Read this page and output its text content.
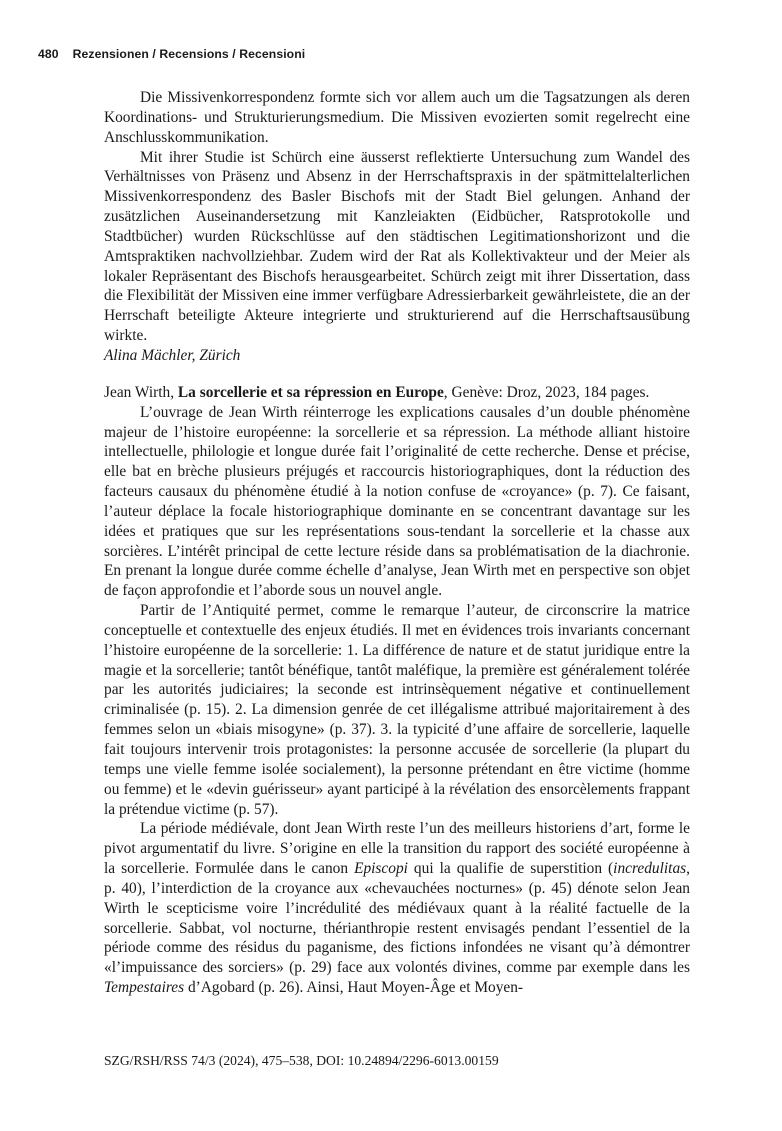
480 Rezensionen / Recensions / Recensioni

Die Missivenkorrespondenz formte sich vor allem auch um die Tagsatzungen als deren Koordinations- und Strukturierungsmedium. Die Missiven evozierten somit regelrecht eine Anschlusskommunikation.

Mit ihrer Studie ist Schürch eine äusserst reflektierte Untersuchung zum Wandel des Verhältnisses von Präsenz und Absenz in der Herrschaftspraxis in der spätmittelalterlichen Missivenkorrespondenz des Basler Bischofs mit der Stadt Biel gelungen. Anhand der zusätzlichen Auseinandersetzung mit Kanzleiakten (Eidbücher, Ratsprotokolle und Stadtbücher) wurden Rückschlüsse auf den städtischen Legitimationshorizont und die Amtspraktiken nachvollziehbar. Zudem wird der Rat als Kollektivakteur und der Meier als lokaler Repräsentant des Bischofs herausgearbeitet. Schürch zeigt mit ihrer Dissertation, dass die Flexibilität der Missiven eine immer verfügbare Adressierbarkeit gewährleistete, die an der Herrschaft beteiligte Akteure integrierte und strukturierend auf die Herrschaftsausübung wirkte.

Alina Mächler, Zürich

Jean Wirth, La sorcellerie et sa répression en Europe, Genève: Droz, 2023, 184 pages.

L’ouvrage de Jean Wirth réinterroge les explications causales d’un double phénomène majeur de l’histoire européenne: la sorcellerie et sa répression. La méthode alliant histoire intellectuelle, philologie et longue durée fait l’originalité de cette recherche. Dense et précise, elle bat en brèche plusieurs préjugés et raccourcis historiographiques, dont la réduction des facteurs causaux du phénomène étudié à la notion confuse de «croyance» (p. 7). Ce faisant, l’auteur déplace la focale historiographique dominante en se concentrant davantage sur les idées et pratiques que sur les représentations sous-tendant la sorcellerie et la chasse aux sorcières. L’intérêt principal de cette lecture réside dans sa problématisation de la diachronie. En prenant la longue durée comme échelle d’analyse, Jean Wirth met en perspective son objet de façon approfondie et l’aborde sous un nouvel angle.

Partir de l’Antiquité permet, comme le remarque l’auteur, de circonscrire la matrice conceptuelle et contextuelle des enjeux étudiés. Il met en évidences trois invariants concernant l’histoire européenne de la sorcellerie: 1. La différence de nature et de statut juridique entre la magie et la sorcellerie; tantôt bénéfique, tantôt maléfique, la première est généralement tolérée par les autorités judiciaires; la seconde est intrinsèquement négative et continuellement criminalisée (p. 15). 2. La dimension genrée de cet illégalisme attribué majoritairement à des femmes selon un «biais misogyne» (p. 37). 3. la typicité d’une affaire de sorcellerie, laquelle fait toujours intervenir trois protagonistes: la personne accusée de sorcellerie (la plupart du temps une vielle femme isolée socialement), la personne prétendant en être victime (homme ou femme) et le «devin guérisseur» ayant participé à la révélation des ensorcèlements frappant la prétendue victime (p. 57).

La période médiévale, dont Jean Wirth reste l’un des meilleurs historiens d’art, forme le pivot argumentatif du livre. S’origine en elle la transition du rapport des société européenne à la sorcellerie. Formulée dans le canon Episcopi qui la qualifie de superstition (incredulitas, p. 40), l’interdiction de la croyance aux «chevauchées nocturnes» (p. 45) dénote selon Jean Wirth le scepticisme voire l’incrédulité des médiévaux quant à la réalité factuelle de la sorcellerie. Sabbat, vol nocturne, thérianthropie restent envisagés pendant l’essentiel de la période comme des résidus du paganisme, des fictions infondées ne visant qu’à démontrer «l’impuissance des sorciers» (p. 29) face aux volontés divines, comme par exemple dans les Tempestaires d’Agobard (p. 26). Ainsi, Haut Moyen-Âge et Moyen-

SZG/RSH/RSS 74/3 (2024), 475–538, DOI: 10.24894/2296-6013.00159
